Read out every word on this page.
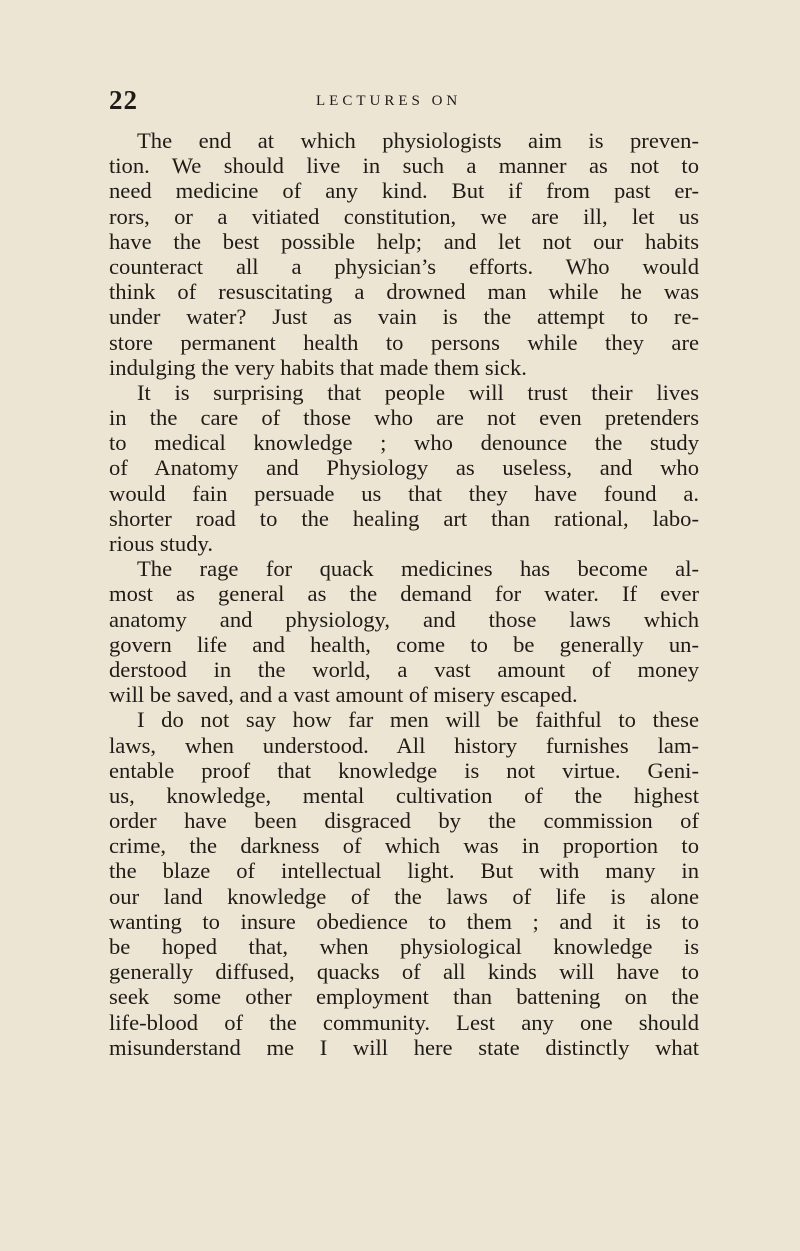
22	LECTURES ON
The end at which physiologists aim is preven-
tion. We should live in such a manner as not to
need medicine of any kind. But if from past er-
rors, or a vitiated constitution, we are ill, let us
have the best possible help; and let not our habits
counteract all a physician’s efforts. Who would
think of resuscitating a drowned man while he was
under water? Just as vain is the attempt to re-
store permanent health to persons while they are
indulging the very habits that made them sick.
It is surprising that people will trust their lives
in the care of those who are not even pretenders
to medical knowledge ; who denounce the study
of Anatomy and Physiology as useless, and who
would fain persuade us that they have found a.
shorter road to the healing art than rational, labo-
rious study.
The rage for quack medicines has become al-
most as general as the demand for water. If ever
anatomy and physiology, and those laws which
govern life and health, come to be generally un-
derstood in the world, a vast amount of money
will be saved, and a vast amount of misery escaped.
I do not say how far men will be faithful to these
laws, when understood. All history furnishes lam-
entable proof that knowledge is not virtue. Geni-
us, knowledge, mental cultivation of the highest
order have been disgraced by the commission of
crime, the darkness of which was in proportion to
the blaze of intellectual light. But with many in
our land knowledge of the laws of life is alone
wanting to insure obedience to them ; and it is to
be hoped that, when physiological knowledge is
generally diffused, quacks of all kinds will have to
seek some other employment than battening on the
life-blood of the community. Lest any one should
misunderstand me I will here state distinctly what
